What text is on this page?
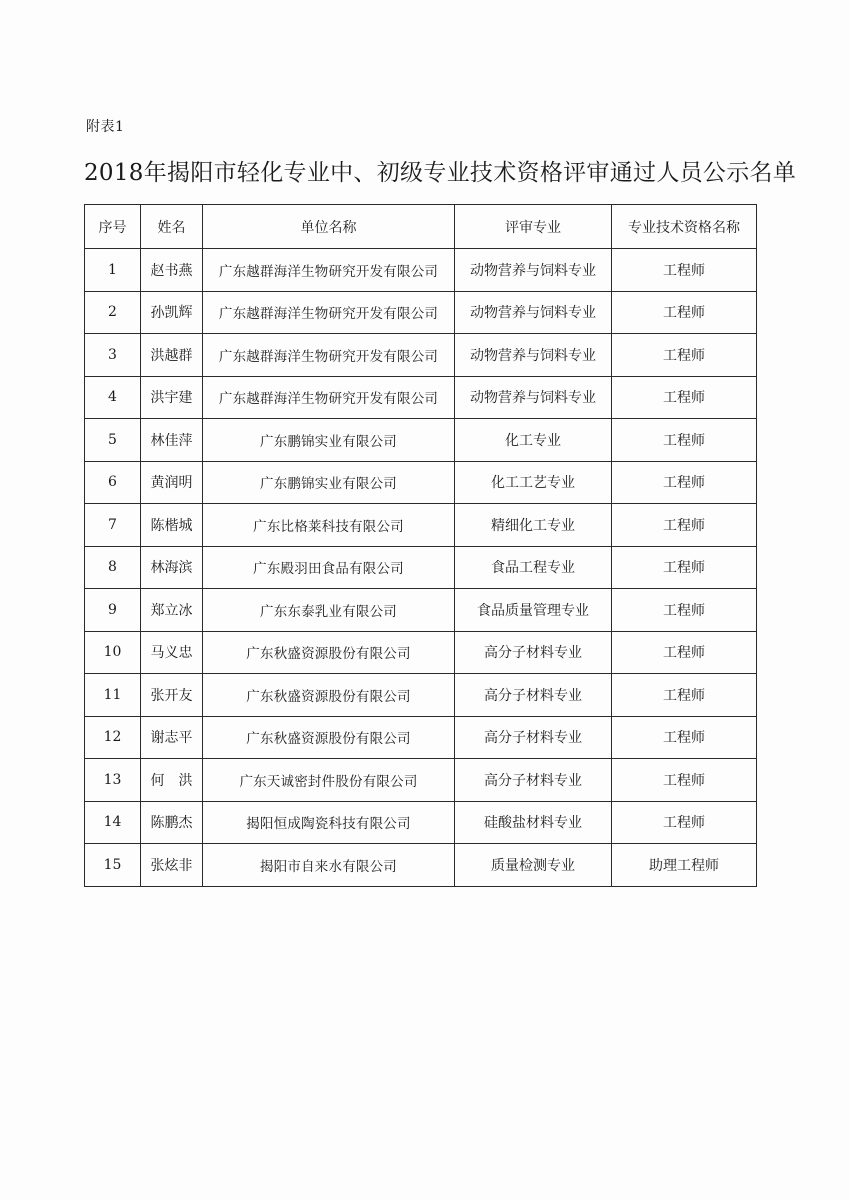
附表1
2018年揭阳市轻化专业中、初级专业技术资格评审通过人员公示名单
序号	姓名	单位名称	评审专业	专业技术资格名称
1	赵书燕	广东越群海洋生物研究开发有限公司	动物营养与饲料专业	工程师
2	孙凯辉	广东越群海洋生物研究开发有限公司	动物营养与饲料专业	工程师
3	洪越群	广东越群海洋生物研究开发有限公司	动物营养与饲料专业	工程师
4	洪宇建	广东越群海洋生物研究开发有限公司	动物营养与饲料专业	工程师
5	林佳萍	广东鹏锦实业有限公司	化工专业	工程师
6	黄润明	广东鹏锦实业有限公司	化工工艺专业	工程师
7	陈楷城	广东比格莱科技有限公司	精细化工专业	工程师
8	林海滨	广东殿羽田食品有限公司	食品工程专业	工程师
9	郑立冰	广东东泰乳业有限公司	食品质量管理专业	工程师
10	马义忠	广东秋盛资源股份有限公司	高分子材料专业	工程师
11	张开友	广东秋盛资源股份有限公司	高分子材料专业	工程师
12	谢志平	广东秋盛资源股份有限公司	高分子材料专业	工程师
13	何　洪	广东天诚密封件股份有限公司	高分子材料专业	工程师
14	陈鹏杰	揭阳恒成陶瓷科技有限公司	硅酸盐材料专业	工程师
15	张炫非	揭阳市自来水有限公司	质量检测专业	助理工程师
